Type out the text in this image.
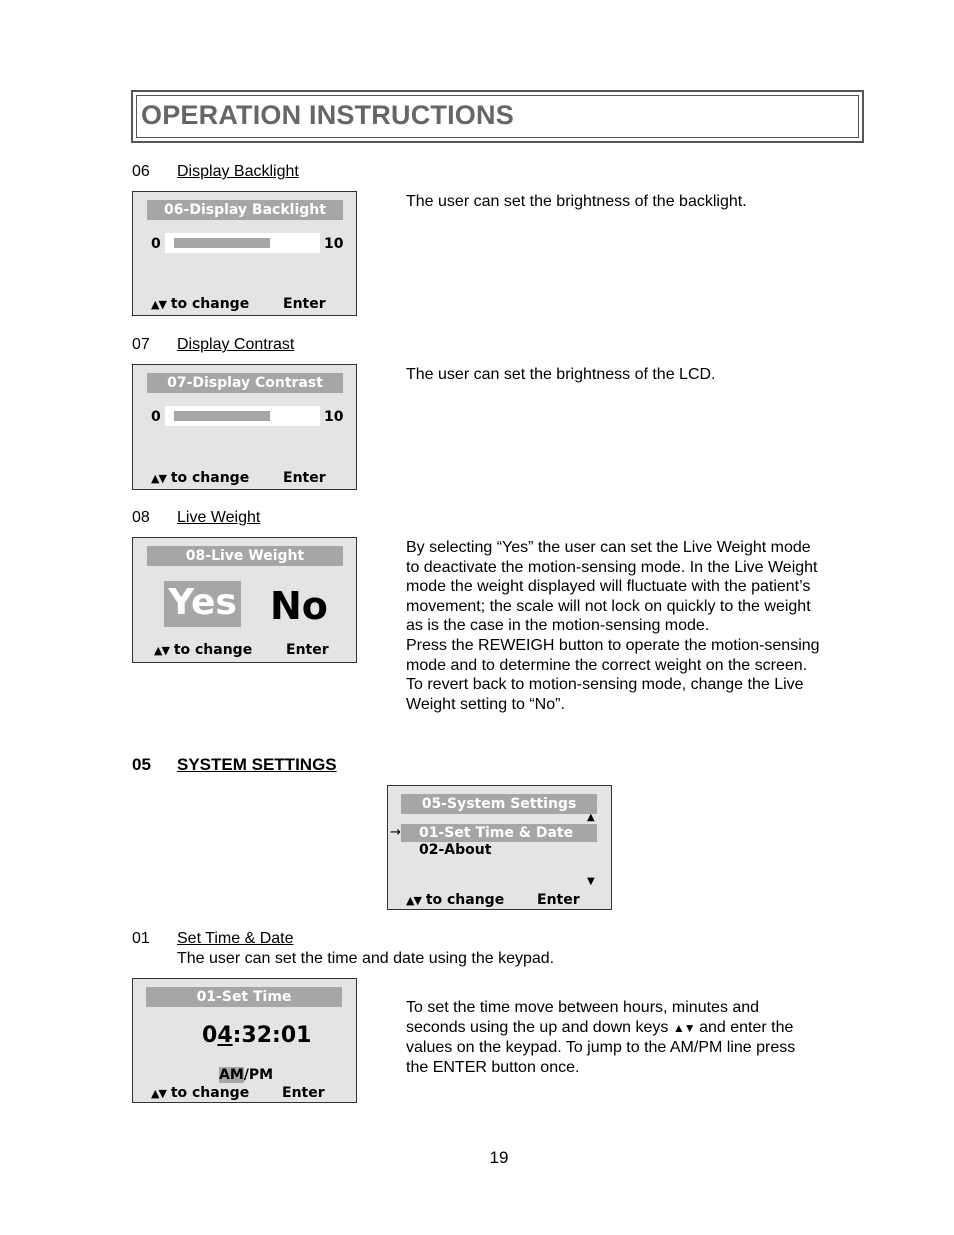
OPERATION INSTRUCTIONS
06 Display Backlight
06-Display Backlight
0	10
▲▼ to change Enter
The user can set the brightness of the backlight.
07 Display Contrast
07-Display Contrast
0	10
▲▼ to change Enter
The user can set the brightness of the LCD.
08 Live Weight
08-Live Weight
Yes No
▲▼ to change Enter
By selecting “Yes” the user can set the Live Weight mode
to deactivate the motion-sensing mode. In the Live Weight
mode the weight displayed will fluctuate with the patient’s
movement; the scale will not lock on quickly to the weight
as is the case in the motion-sensing mode.
Press the REWEIGH button to operate the motion-sensing
mode and to determine the correct weight on the screen.
To revert back to motion-sensing mode, change the Live
Weight setting to “No”.
05 SYSTEM SETTINGS
05-System Settings
▲
→	01-Set Time & Date
02-About
▼
▲▼ to change Enter
01 Set Time & Date
The user can set the time and date using the keypad.
01-Set Time
04:32:01
AM/PM
▲▼ to change Enter
To set the time move between hours, minutes and
seconds using the up and down keys ▲▼ and enter the
values on the keypad. To jump to the AM/PM line press
the ENTER button once.
19
